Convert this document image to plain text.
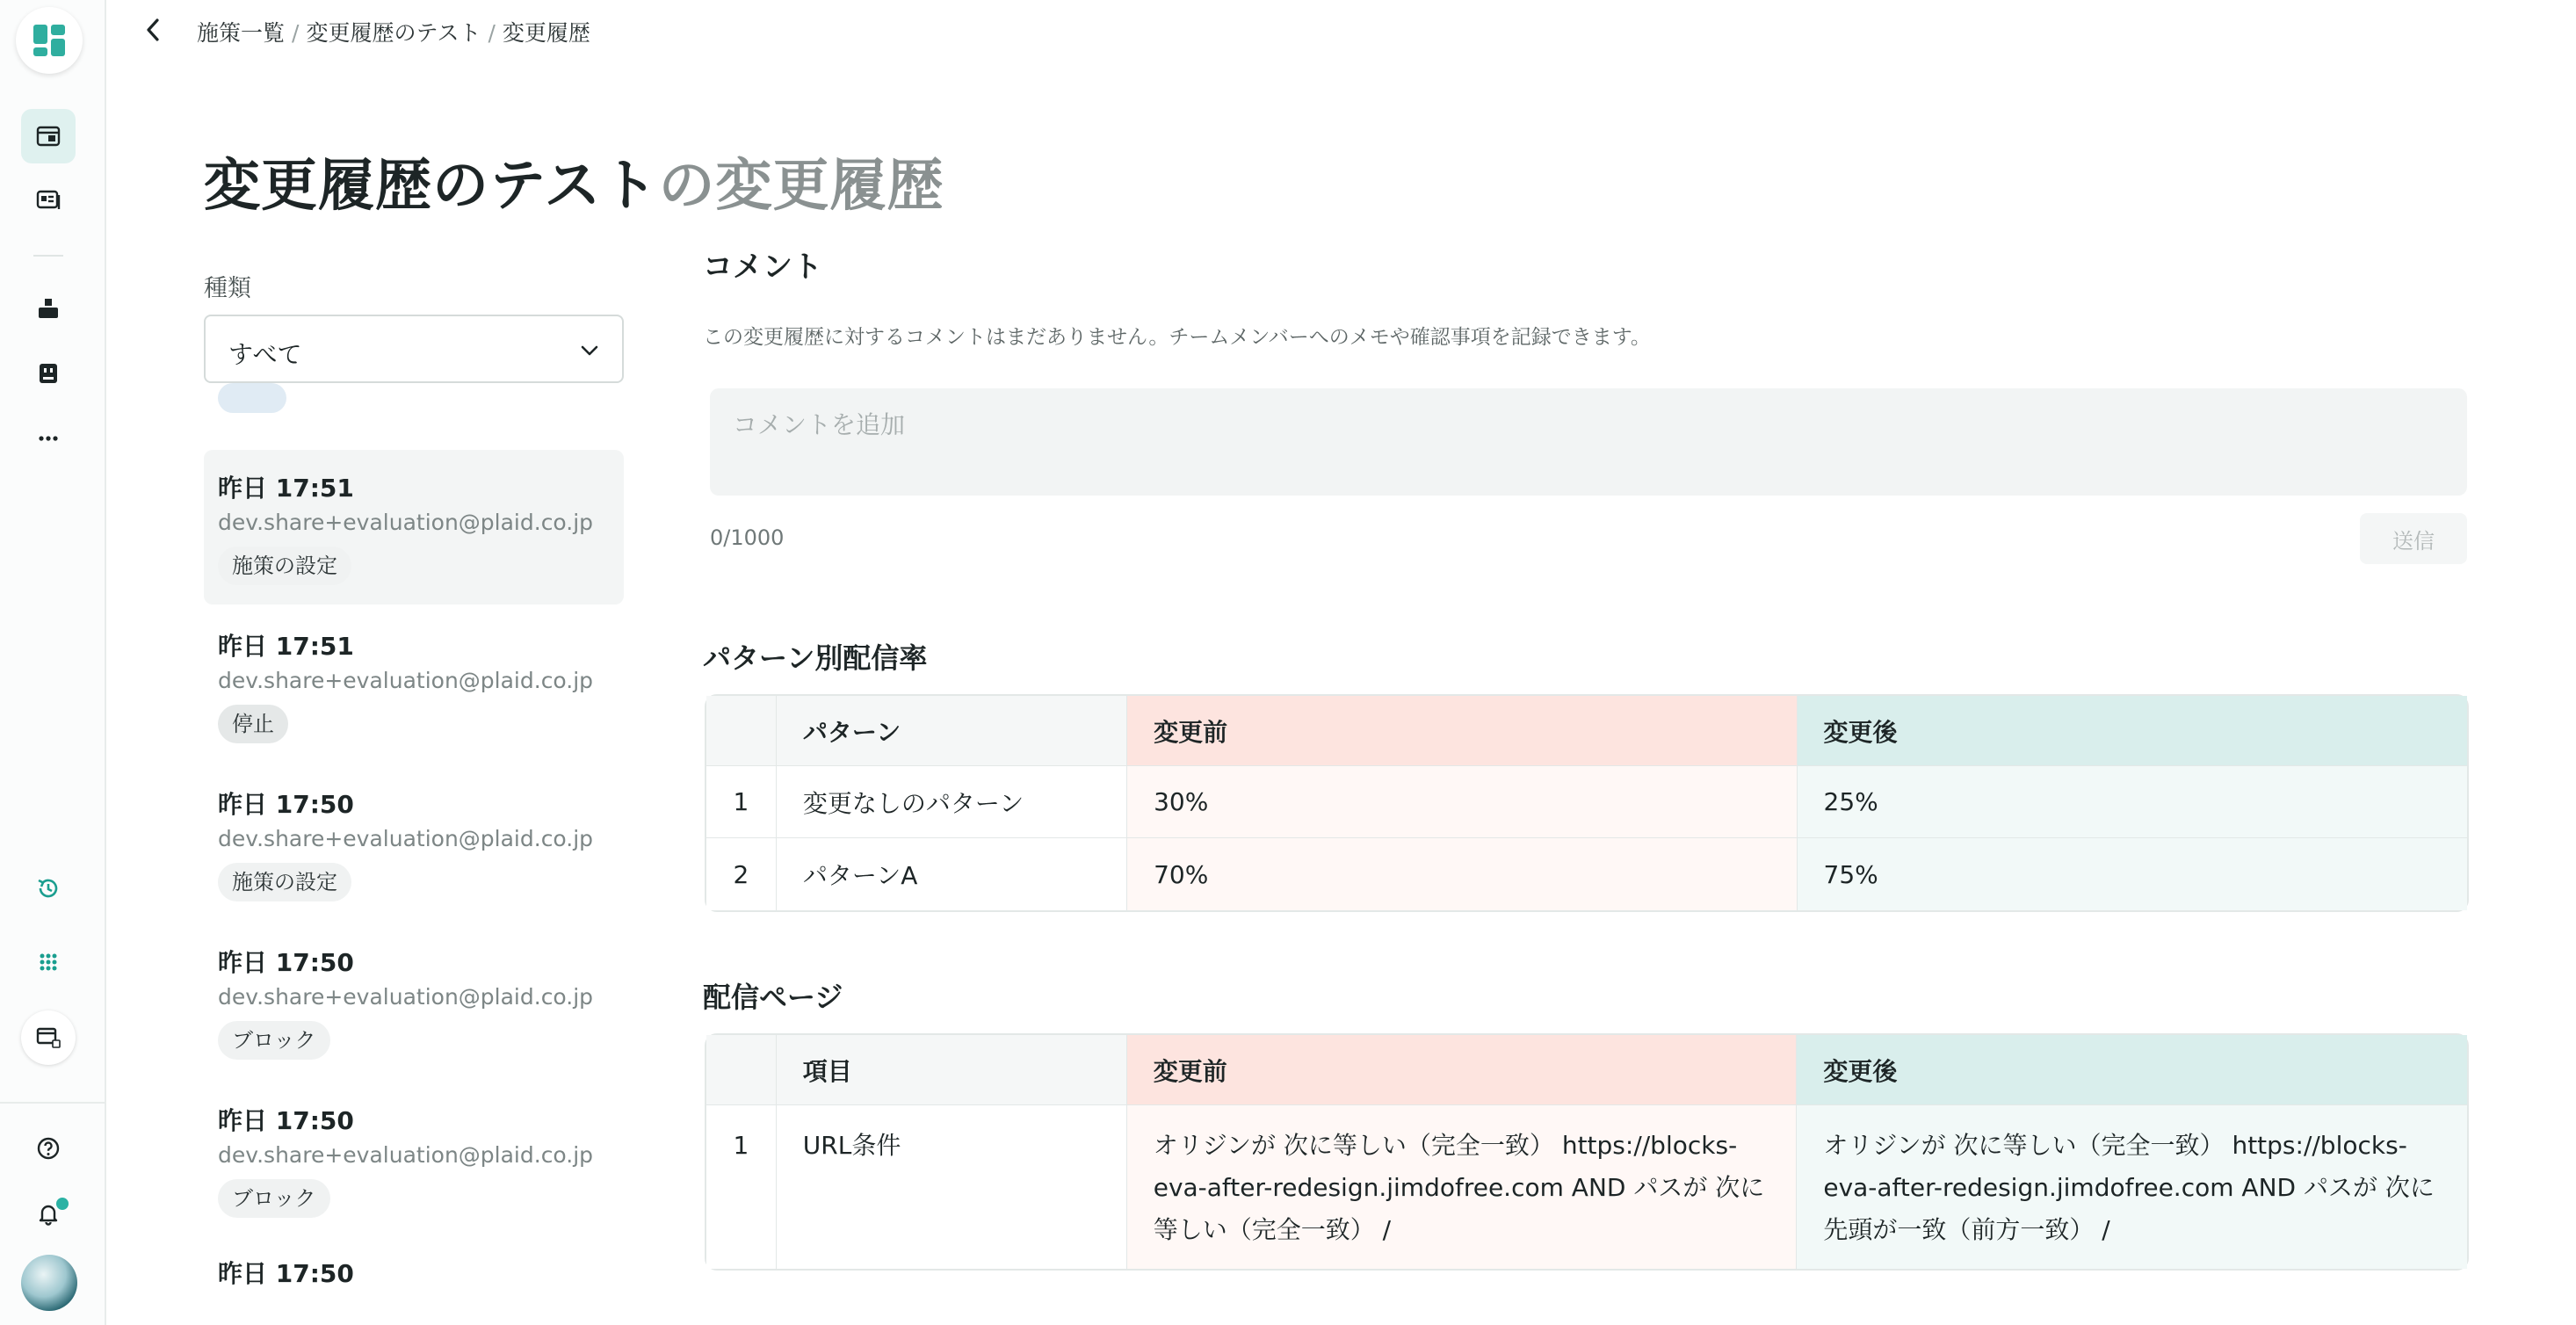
施策一覧 / 変更履歴のテスト / 変更履歴
変更履歴のテストの変更履歴
種類
すべて
昨日 17:51
dev.share+evaluation@plaid.co.jp
施策の設定
昨日 17:51
dev.share+evaluation@plaid.co.jp
停止
昨日 17:50
dev.share+evaluation@plaid.co.jp
施策の設定
昨日 17:50
dev.share+evaluation@plaid.co.jp
ブロック
昨日 17:50
dev.share+evaluation@plaid.co.jp
ブロック
昨日 17:50
コメント
この変更履歴に対するコメントはまだありません。チームメンバーへのメモや確認事項を記録できます。
コメントを追加
0/1000	送信
パターン別配信率
	パターン	変更前	変更後
1	変更なしのパターン	30%	25%
2	パターンA	70%	75%
配信ページ
	項目	変更前	変更後
1	URL条件	オリジンが 次に等しい（完全一致） https://blocks-eva-after-redesign.jimdofree.com AND パスが 次に等しい（完全一致） /	オリジンが 次に等しい（完全一致） https://blocks-eva-after-redesign.jimdofree.com AND パスが 次に先頭が一致（前方一致） /
